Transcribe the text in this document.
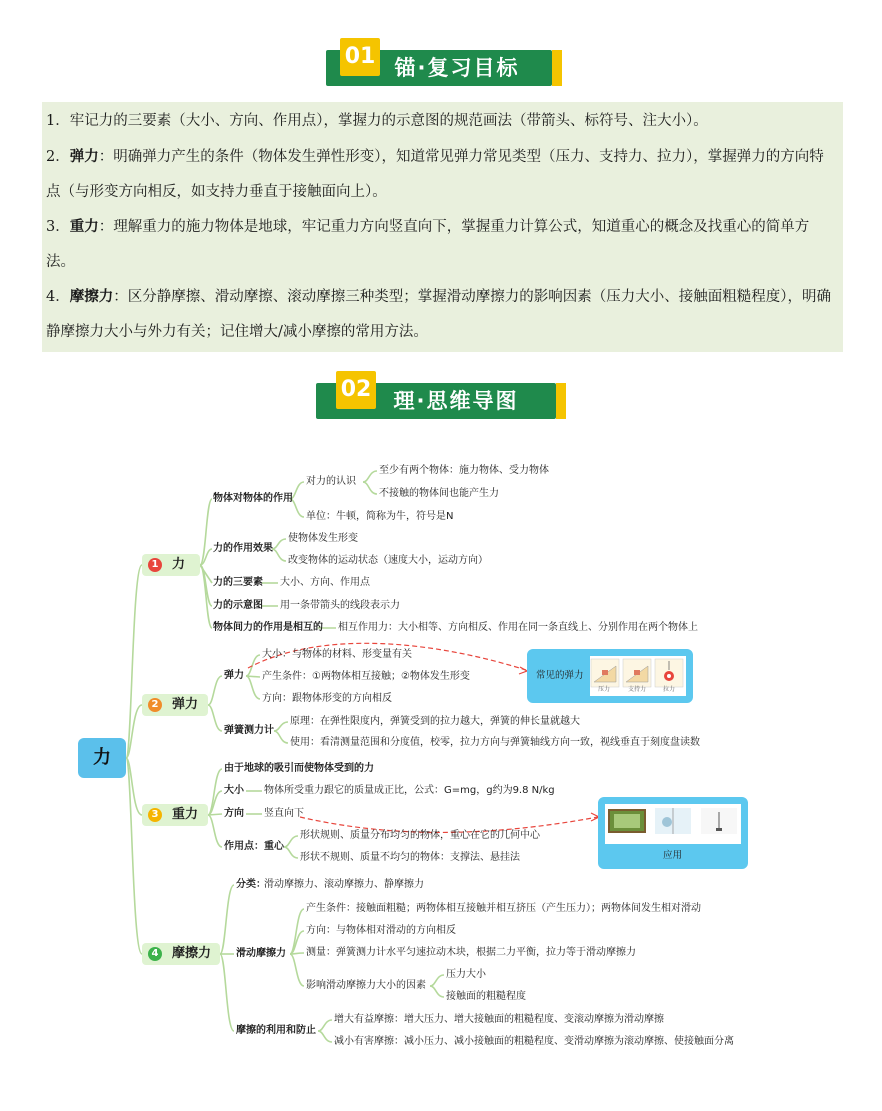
锚·复习目标
01
1．牢记力的三要素（大小、方向、作用点），掌握力的示意图的规范画法（带箭头、标符号、注大小）。
2．弹力：明确弹力产生的条件（物体发生弹性形变），知道常见弹力常见类型（压力、支持力、拉力），掌握弹力的方向特点（与形变方向相反，如支持力垂直于接触面向上）。
3．重力：理解重力的施力物体是地球，牢记重力方向竖直向下，掌握重力计算公式，知道重心的概念及找重心的简单方法。
4．摩擦力：区分静摩擦、滑动摩擦、滚动摩擦三种类型；掌握滑动摩擦力的影响因素（压力大小、接触面粗糙程度），明确静摩擦力大小与外力有关；记住增大/减小摩擦的常用方法。
理·思维导图
02
力
1 力
物体对物体的作用
对力的认识
至少有两个物体：施力物体、受力物体
不接触的物体间也能产生力
单位：牛顿，简称为牛，符号是N
力的作用效果
使物体发生形变
改变物体的运动状态（速度大小，运动方向）
力的三要素 大小、方向、作用点
力的示意图 用一条带箭头的线段表示力
物体间力的作用是相互的 相互作用力：大小相等、方向相反、作用在同一条直线上、分别作用在两个物体上
2 弹力
弹力
大小：与物体的材料、形变量有关
产生条件：①两物体相互接触；②物体发生形变
方向：跟物体形变的方向相反
弹簧测力计
原理：在弹性限度内，弹簧受到的拉力越大，弹簧的伸长量就越大
使用：看清测量范围和分度值，校零，拉力方向与弹簧轴线方向一致，视线垂直于刻度盘读数
常见的弹力
压力	支持力	拉力
3 重力
由于地球的吸引而使物体受到的力
大小 物体所受重力跟它的质量成正比，公式：G=mg，g约为9.8 N/kg
方向 竖直向下
作用点：重心
形状规则、质量分布均匀的物体，重心在它的几何中心
形状不规则、质量不均匀的物体：支撑法、悬挂法	应用
4 摩擦力
分类：
滑动摩擦力、滚动摩擦力、静摩擦力
滑动摩擦力
产生条件：接触面粗糙；两物体相互接触并相互挤压（产生压力）；两物体间发生相对滑动
方向：与物体相对滑动的方向相反
测量：弹簧测力计水平匀速拉动木块，根据二力平衡，拉力等于滑动摩擦力
影响滑动摩擦力大小的因素
压力大小
接触面的粗糙程度
摩擦的利用和防止
增大有益摩擦：增大压力、增大接触面的粗糙程度、变滚动摩擦为滑动摩擦
减小有害摩擦：减小压力、减小接触面的粗糙程度、变滑动摩擦为滚动摩擦、使接触面分离
